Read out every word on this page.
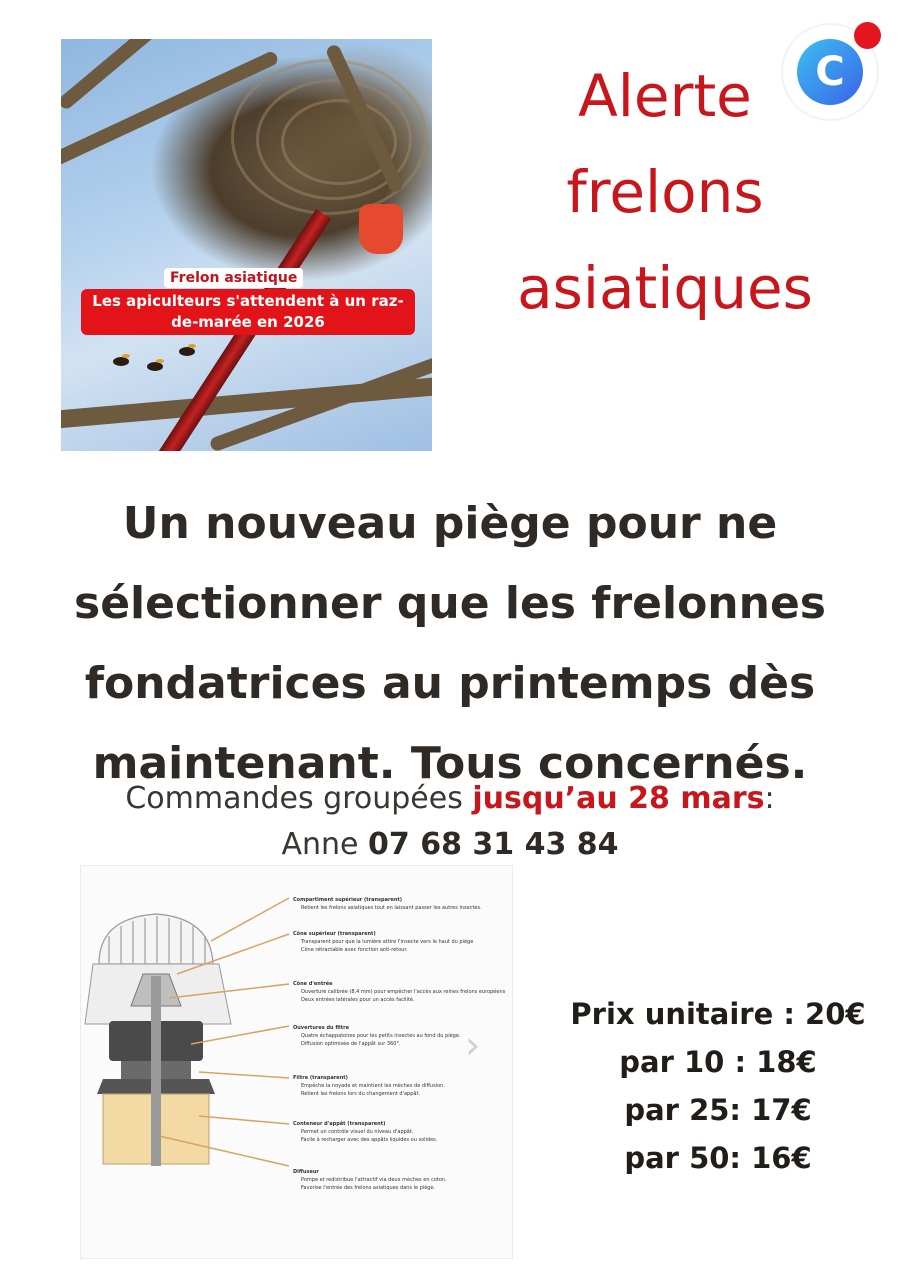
Frelon asiatique
Les apiculteurs s'attendent à un raz-de-marée en 2026
Alerte
frelons
asiatiques
C
Un nouveau piège pour ne
sélectionner que les frelonnes
fondatrices au printemps dès
maintenant. Tous concernés.
Commandes groupées jusqu’au 28 mars:
Anne 07 68 31 43 84
Compartiment supérieur (transparent)
Retient les frelons asiatiques tout en laissant passer les autres insectes.
Cône supérieur (transparent)
Transparent pour que la lumière attire l'insecte vers le haut du piège
Cône rétractable avec fonction anti-retour.
Cône d'entrée
Ouverture calibrée (8,4 mm) pour empêcher l'accès aux reines frelons européens
Deux entrées latérales pour un accès facilité.
Ouvertures du filtre
Quatre échappatoires pour les petits insectes au fond du piège.
Diffusion optimisée de l'appât sur 360°.
Filtre (transparent)
Empêche la noyade et maintient les mèches de diffusion.
Retient les frelons lors du changement d'appât.
Conteneur d'appât (transparent)
Permet un contrôle visuel du niveau d'appât.
Facile à recharger avec des appâts liquides ou solides.
Diffuseur
Pompe et redistribue l'attractif via deux mèches en coton.
Favorise l'entrée des frelons asiatiques dans le piège.
›
Prix unitaire : 20€
par 10 : 18€
par 25: 17€
par 50: 16€
